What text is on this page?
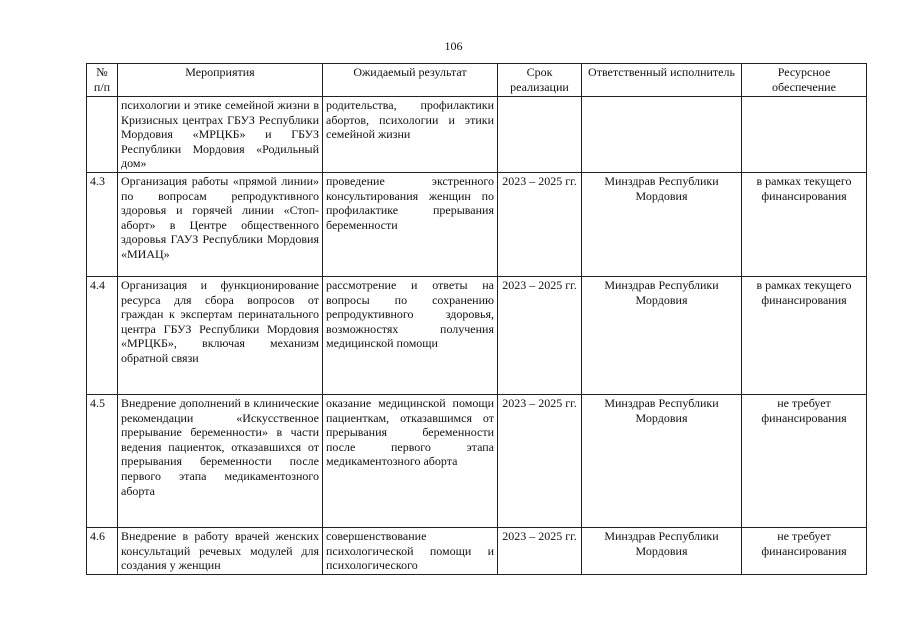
106
№ п/п	Мероприятия	Ожидаемый результат	Срок реализации	Ответственный исполнитель	Ресурсное обеспечение
	психологии и этике семейной жизни в Кризисных центрах ГБУЗ Республики Мордовия «МРЦКБ» и ГБУЗ Республики Мордовия «Родильный дом»	родительства, профилактики абортов, психологии и этики семейной жизни			
4.3	Организация работы «прямой линии» по вопросам репродуктивного здоровья и горячей линии «Стоп-аборт» в Центре общественного здоровья ГАУЗ Республики Мордовия «МИАЦ»	проведение экстренного консультирования женщин по профилактике прерывания беременности	2023 – 2025 гг.	Минздрав Республики Мордовия	в рамках текущего финансирования
4.4	Организация и функционирование ресурса для сбора вопросов от граждан к экспертам перинатального центра ГБУЗ Республики Мордовия «МРЦКБ», включая механизм обратной связи	рассмотрение и ответы на вопросы по сохранению репродуктивного здоровья, возможностях получения медицинской помощи	2023 – 2025 гг.	Минздрав Республики Мордовия	в рамках текущего финансирования
4.5	Внедрение дополнений в клинические рекомендации «Искусственное прерывание беременности» в части ведения пациенток, отказавшихся от прерывания беременности после первого этапа медикаментозного аборта	оказание медицинской помощи пациенткам, отказавшимся от прерывания беременности после первого этапа медикаментозного аборта	2023 – 2025 гг.	Минздрав Республики Мордовия	не требует финансирования
4.6	Внедрение в работу врачей женских консультаций речевых модулей для создания у женщин	совершенствование психологической помощи и психологического	2023 – 2025 гг.	Минздрав Республики Мордовия	не требует финансирования
